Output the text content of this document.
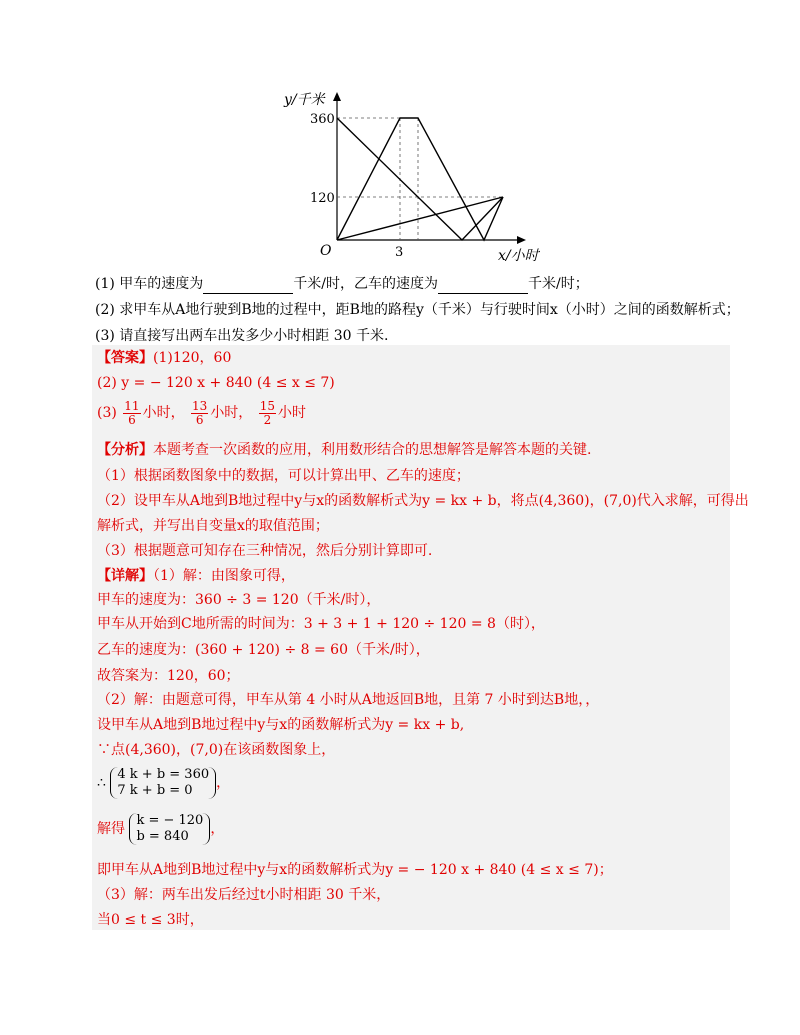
y/千米
360
120
O	3	x/小时
(1) 甲车的速度为	千米/时，乙车的速度为	千米/时；
(2) 求甲车从A地行驶到B地的过程中，距B地的路程y（千米）与行驶时间x（小时）之间的函数解析式；
(3) 请直接写出两车出发多少小时相距 30 千米.
【答案】(1)120，60
(2) y = − 120 x + 840 (4 ≤ x ≤ 7)
$(3) \frac{11}{6}$ 小时， $\frac{13}{6}$ 小时， $\frac{15}{2}$ 小时
【分析】本题考查一次函数的应用，利用数形结合的思想解答是解答本题的关键.
（1）根据函数图象中的数据，可以计算出甲、乙车的速度；
（2）设甲车从A地到B地过程中y与x的函数解析式为y = kx + b，将点(4,360)，(7,0)代入求解，可得出
解析式，并写出自变量x的取值范围；
（3）根据题意可知存在三种情况，然后分别计算即可.
【详解】（1）解：由图象可得，
甲车的速度为：360 ÷ 3 = 120（千米/时），
甲车从开始到C地所需的时间为：3 + 3 + 1 + 120 ÷ 120 = 8（时），
乙车的速度为：(360 + 120) ÷ 8 = 60（千米/时），
故答案为：120，60；
（2）解：由题意可得，甲车从第 4 小时从A地返回B地，且第 7 小时到达B地，，
设甲车从A地到B地过程中y与x的函数解析式为y = kx + b,
∵点(4,360)，(7,0)在该函数图象上，
∴
4 k + b = 360
7 k + b = 0	，
解得
k = − 120
b = 840	，
即甲车从A地到B地过程中y与x的函数解析式为y = − 120 x + 840 (4 ≤ x ≤ 7)；
（3）解：两车出发后经过t小时相距 30 千米，
当0 ≤ t ≤ 3时，
